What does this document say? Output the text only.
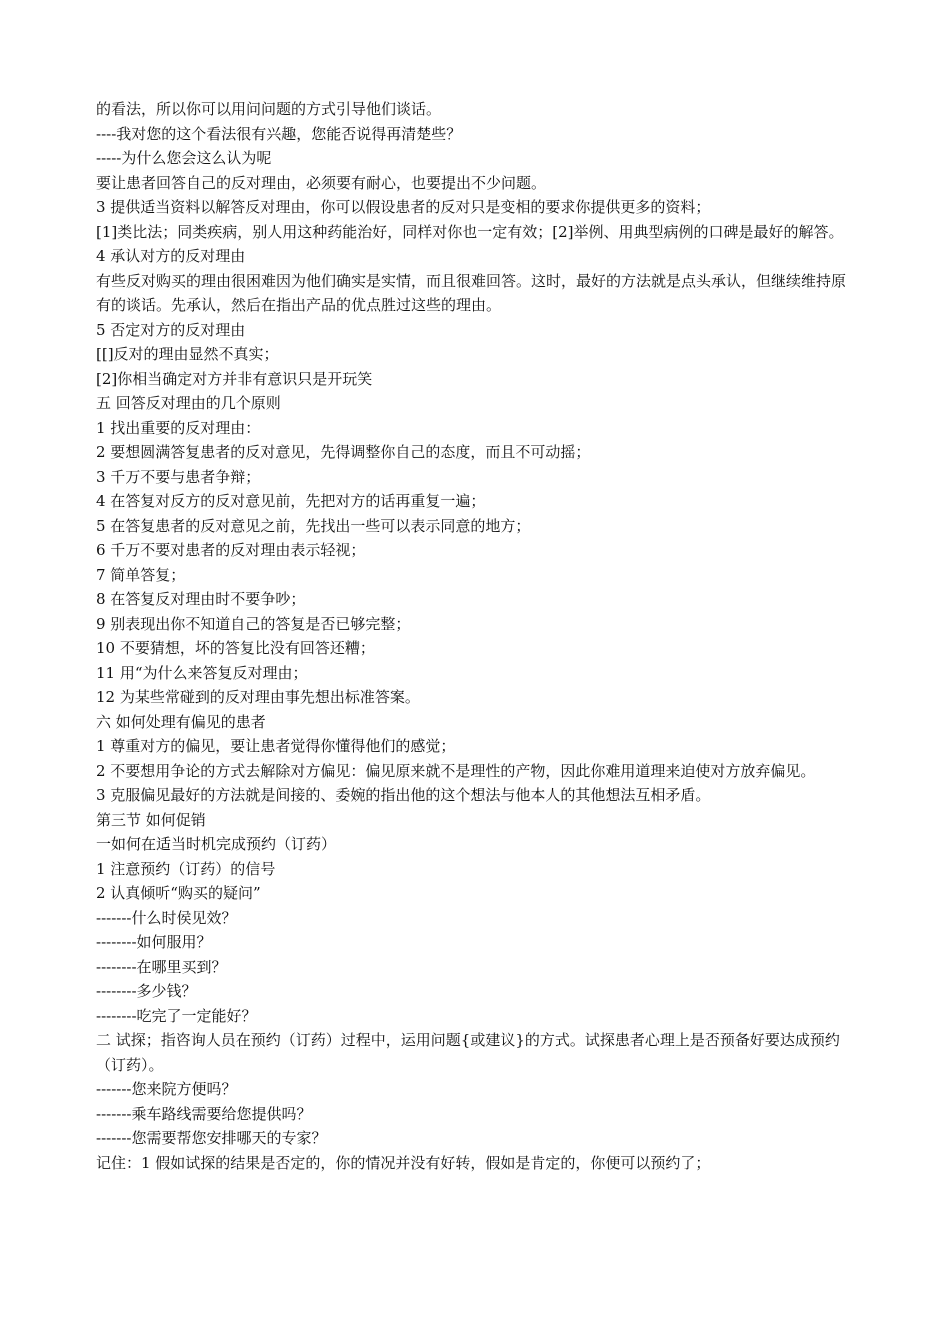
的看法，所以你可以用问问题的方式引导他们谈话。

----我对您的这个看法很有兴趣，您能否说得再清楚些？

-----为什么您会这么认为呢

要让患者回答自己的反对理由，必须要有耐心，也要提出不少问题。

3 提供适当资料以解答反对理由，你可以假设患者的反对只是变相的要求你提供更多的资料；

[1]类比法；同类疾病，别人用这种药能治好，同样对你也一定有效；[2]举例、用典型病例的口碑是最好的解答。

4 承认对方的反对理由

有些反对购买的理由很困难因为他们确实是实情，而且很难回答。这时，最好的方法就是点头承认，但继续维持原有的谈话。先承认，然后在指出产品的优点胜过这些的理由。

5 否定对方的反对理由

[[]反对的理由显然不真实；

[2]你相当确定对方并非有意识只是开玩笑

五 回答反对理由的几个原则

1 找出重要的反对理由：

2 要想圆满答复患者的反对意见，先得调整你自己的态度，而且不可动摇；

3 千万不要与患者争辩；

4 在答复对反方的反对意见前，先把对方的话再重复一遍；

5 在答复患者的反对意见之前，先找出一些可以表示同意的地方；

6 千万不要对患者的反对理由表示轻视；

7 简单答复；

8 在答复反对理由时不要争吵；

9 别表现出你不知道自己的答复是否已够完整；

10 不要猜想，坏的答复比没有回答还糟；

11 用“为什么来答复反对理由；

12 为某些常碰到的反对理由事先想出标准答案。

六 如何处理有偏见的患者

1 尊重对方的偏见，要让患者觉得你懂得他们的感觉；

2 不要想用争论的方式去解除对方偏见：偏见原来就不是理性的产物，因此你难用道理来迫使对方放弃偏见。

3 克服偏见最好的方法就是间接的、委婉的指出他的这个想法与他本人的其他想法互相矛盾。

第三节 如何促销

一如何在适当时机完成预约（订药）

1 注意预约（订药）的信号

2 认真倾听“购买的疑问”

-------什么时侯见效？

--------如何服用？

--------在哪里买到？

--------多少钱？

--------吃完了一定能好？

二 试探；指咨询人员在预约（订药）过程中，运用问题{或建议}的方式。试探患者心理上是否预备好要达成预约（订药）。

-------您来院方便吗？

-------乘车路线需要给您提供吗？

-------您需要帮您安排哪天的专家？

记住：1 假如试探的结果是否定的，你的情况并没有好转，假如是肯定的，你便可以预约了；
